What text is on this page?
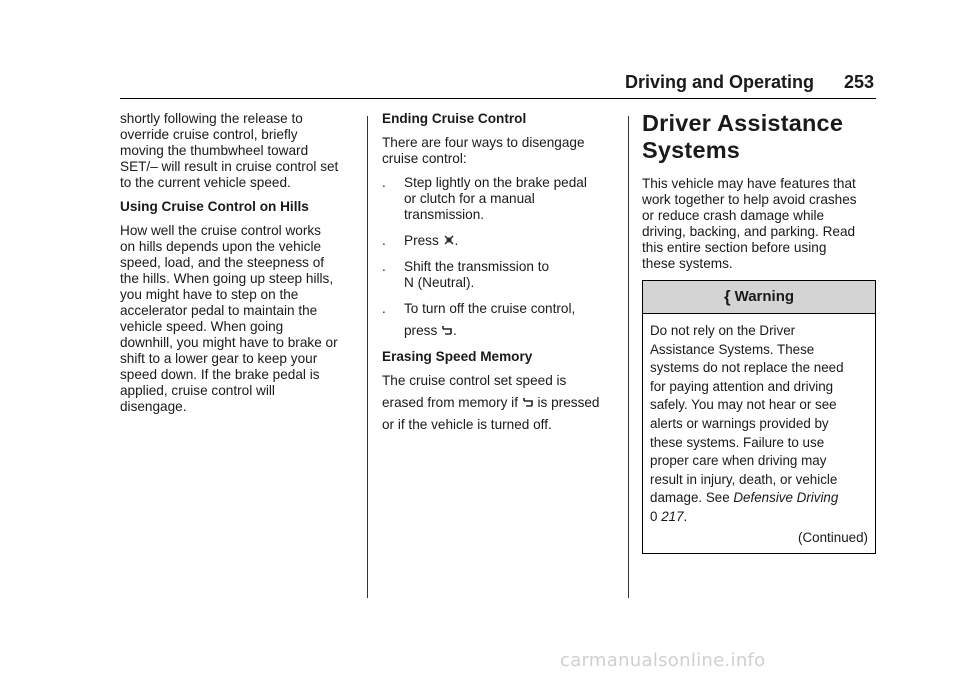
Driving and Operating 253

shortly following the release to
override cruise control, briefly
moving the thumbwheel toward
SET/– will result in cruise control set
to the current vehicle speed.

Using Cruise Control on Hills

How well the cruise control works
on hills depends upon the vehicle
speed, load, and the steepness of
the hills. When going up steep hills,
you might have to step on the
accelerator pedal to maintain the
vehicle speed. When going
downhill, you might have to brake or
shift to a lower gear to keep your
speed down. If the brake pedal is
applied, cruise control will
disengage.

Ending Cruise Control

There are four ways to disengage
cruise control:

.	Step lightly on the brake pedal
or clutch for a manual
transmission.
.	Press .
.	Shift the transmission to
N (Neutral).
.	To turn off the cruise control,
press .

Erasing Speed Memory

The cruise control set speed is
erased from memory if  is pressed
or if the vehicle is turned off.

Driver Assistance
Systems

This vehicle may have features that
work together to help avoid crashes
or reduce crash damage while
driving, backing, and parking. Read
this entire section before using
these systems.

{ Warning
Do not rely on the Driver
Assistance Systems. These
systems do not replace the need
for paying attention and driving
safely. You may not hear or see
alerts or warnings provided by
these systems. Failure to use
proper care when driving may
result in injury, death, or vehicle
damage. See Defensive Driving
0 217.
(Continued)
carmanualsonline.info
